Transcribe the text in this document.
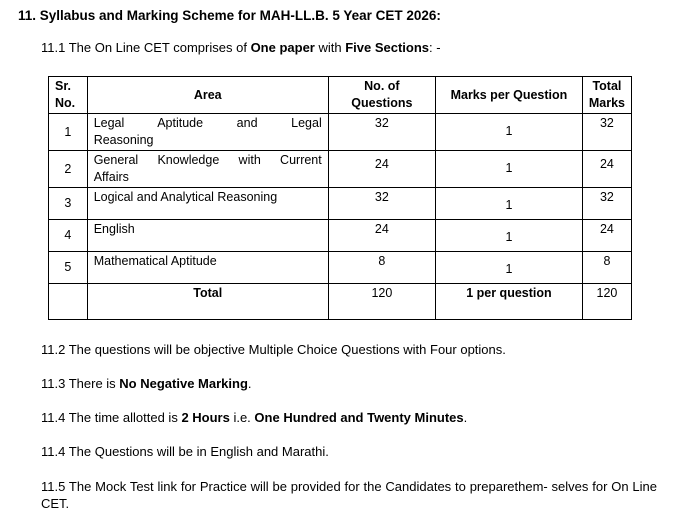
11. Syllabus and Marking Scheme for MAH-LL.B. 5 Year CET 2026:
11.1 The On Line CET comprises of One paper with Five Sections: -
Sr. No.	Area	No. of Questions	Marks per Question	Total Marks
1	Legal Aptitude and Legal
Reasoning	32	1	32
2	General Knowledge with Current
Affairs	24	1	24

3	Logical and Analytical Reasoning	32	1	32
4	English	24	1	24
5	Mathematical Aptitude	8	1	8
	Total	120	1 per question	120
11.2 The questions will be objective Multiple Choice Questions with Four options.
11.3 There is No Negative Marking.
11.4 The time allotted is 2 Hours i.e. One Hundred and Twenty Minutes.
11.4 The Questions will be in English and Marathi.
11.5 The Mock Test link for Practice will be provided for the Candidates to preparethem- selves for On Line CET.
